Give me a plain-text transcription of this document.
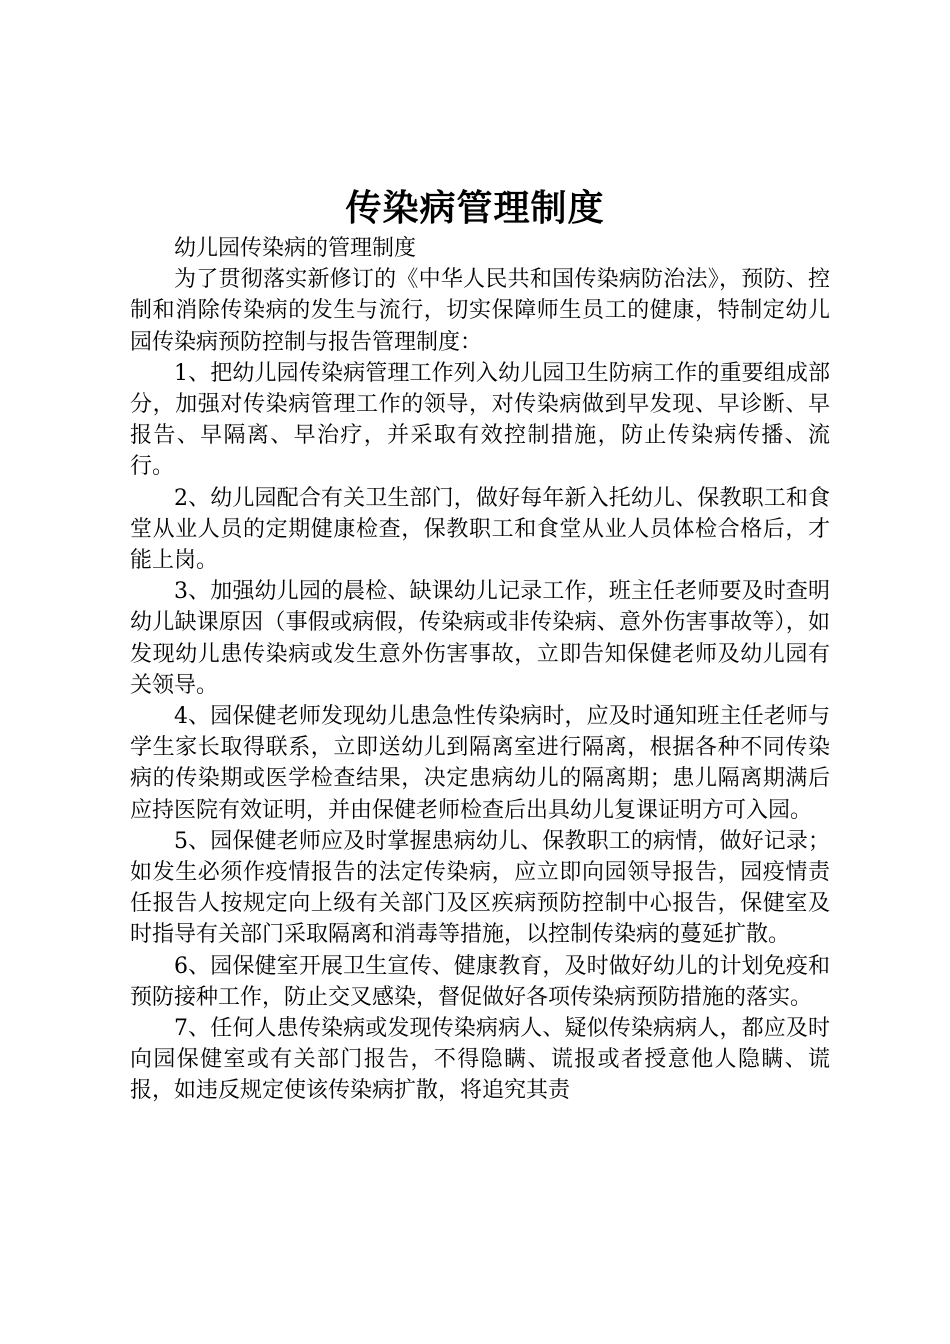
传染病管理制度

幼儿园传染病的管理制度

为了贯彻落实新修订的《中华人民共和国传染病防治法》，预防、控制和消除传染病的发生与流行，切实保障师生员工的健康，特制定幼儿园传染病预防控制与报告管理制度：

1、把幼儿园传染病管理工作列入幼儿园卫生防病工作的重要组成部分，加强对传染病管理工作的领导，对传染病做到早发现、早诊断、早报告、早隔离、早治疗，并采取有效控制措施，防止传染病传播、流行。

2、幼儿园配合有关卫生部门，做好每年新入托幼儿、保教职工和食堂从业人员的定期健康检查，保教职工和食堂从业人员体检合格后，才能上岗。

3、加强幼儿园的晨检、缺课幼儿记录工作，班主任老师要及时查明幼儿缺课原因（事假或病假，传染病或非传染病、意外伤害事故等），如发现幼儿患传染病或发生意外伤害事故，立即告知保健老师及幼儿园有关领导。

4、园保健老师发现幼儿患急性传染病时，应及时通知班主任老师与学生家长取得联系，立即送幼儿到隔离室进行隔离，根据各种不同传染病的传染期或医学检查结果，决定患病幼儿的隔离期；患儿隔离期满后应持医院有效证明，并由保健老师检查后出具幼儿复课证明方可入园。

5、园保健老师应及时掌握患病幼儿、保教职工的病情，做好记录；如发生必须作疫情报告的法定传染病，应立即向园领导报告，园疫情责任报告人按规定向上级有关部门及区疾病预防控制中心报告，保健室及时指导有关部门采取隔离和消毒等措施，以控制传染病的蔓延扩散。

6、园保健室开展卫生宣传、健康教育，及时做好幼儿的计划免疫和预防接种工作，防止交叉感染，督促做好各项传染病预防措施的落实。

7、任何人患传染病或发现传染病病人、疑似传染病病人，都应及时向园保健室或有关部门报告，不得隐瞒、谎报或者授意他人隐瞒、谎报，如违反规定使该传染病扩散，将追究其责
